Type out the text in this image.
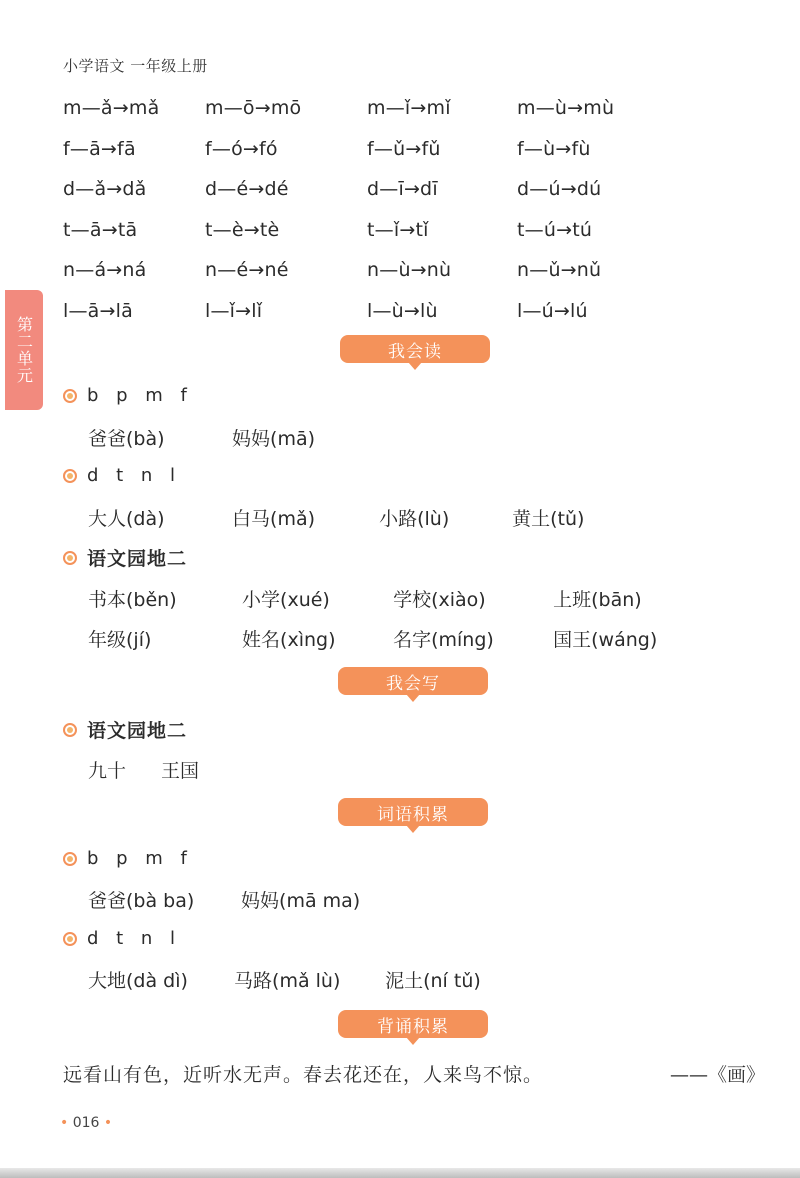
小学语文 一年级上册
第二单元
m—ǎ→mǎ	m—ō→mō	m—ǐ→mǐ	m—ù→mù
f—ā→fā	f—ó→fó	f—ǔ→fǔ	f—ù→fù
d—ǎ→dǎ	d—é→dé	d—ī→dī	d—ú→dú
t—ā→tā	t—è→tè	t—ǐ→tǐ	t—ú→tú
n—á→ná	n—é→né	n—ù→nù	n—ǔ→nǔ
l—ā→lā	l—ǐ→lǐ	l—ù→lù	l—ú→lú
我会读
b p m f
爸爸(bà)	妈妈(mā)
d t n l
大人(dà)	白马(mǎ)	小路(lù)	黄土(tǔ)
语文园地二
书本(běn)	小学(xué)	学校(xiào)	上班(bān)
年级(jí)	姓名(xìng)	名字(míng)	国王(wáng)
我会写
语文园地二
九十 王国
词语积累
b p m f
爸爸(bà ba) 妈妈(mā ma)
d t n l
大地(dà dì) 马路(mǎ lù) 泥土(ní tǔ)
背诵积累
远看山有色，近听水无声。春去花还在，人来鸟不惊。	——《画》
• 016 •
